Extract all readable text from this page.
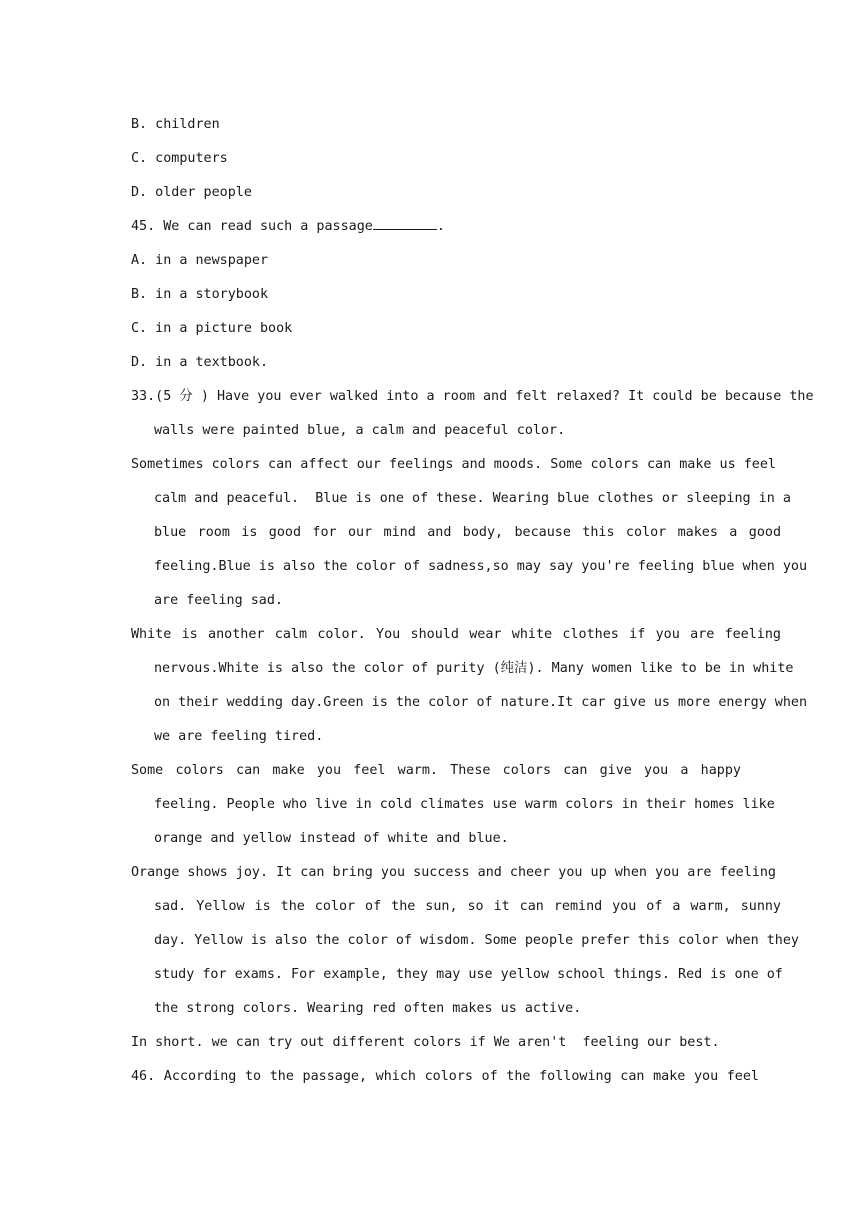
B. children
C. computers
D. older people
45. We can read such a passage	.
A. in a newspaper
B. in a storybook
C. in a picture book
D. in a textbook.
33.(5 分 ) Have you ever walked into a room and felt relaxed? It could be because the
walls were painted blue, a calm and peaceful color.
Sometimes colors can affect our feelings and moods. Some colors can make us feel
calm and peaceful.  Blue is one of these. Wearing blue clothes or sleeping in a
blue room is good for our mind and body, because this color makes a good
feeling.Blue is also the color of sadness,so may say you're feeling blue when you
are feeling sad.
White is another calm color. You should wear white clothes if you are feeling
nervous.White is also the color of purity (纯洁). Many women like to be in white
on their wedding day.Green is the color of nature.It car give us more energy when
we are feeling tired.
Some colors can make you feel warm. These colors can give you a happy
feeling. People who live in cold climates use warm colors in their homes like
orange and yellow instead of white and blue.
Orange shows joy. It can bring you success and cheer you up when you are feeling
sad. Yellow is the color of the sun, so it can remind you of a warm, sunny
day. Yellow is also the color of wisdom. Some people prefer this color when they
study for exams. For example, they may use yellow school things. Red is one of
the strong colors. Wearing red often makes us active.
In short. we can try out different colors if We aren't  feeling our best.
46. According to the passage, which colors of the following can make you feel
